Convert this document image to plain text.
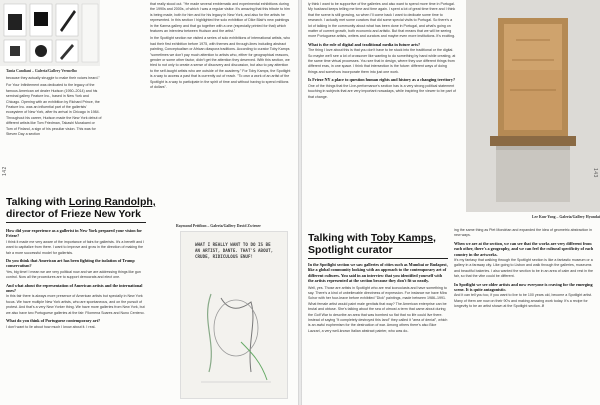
Tania Candiani – Galería/Gallery Vermelho

because they actually struggle to make their voices heard."

For Your Infinitement was dedicated to the legacy of the famous American art dealer Hudson (1950–2014) and his seminal gallery Feature Inc., based in New York and Chicago. Opening with an exhibition by Richard Prince, the Feature Inc. was an influential part of the gallerists' ecosystem of New York, after its arrival in Chicago in 1984. Throughout his career, Hudson made the New York debut of different artists like Tom Friedman, Takashi Murakami or Tom of Finland, a sign of his peculiar vision. This was for Steven Day a section

that really stood out. "He made several emblematic and experimental exhibitions during the 1990s and 2000s, of which I was a regular visitor. It's amazing that this tribute to him is being made, both for him and for his legacy in New York, and also for the artists he represented. In this section I highlighted the solo exhibition of Dike Blair's new paintings in the Karma gallery and that go together with a one (especially printed for that) which features an interview between Hudson and the artist."

In the Spotlight section we visited a series of solo exhibitions of international artists, who had their first exhibition before 1975, with themes and through-lines including abstract painting, Conceptualism or African diaspora traditions. According to curator Toby Kamps "sometimes we don't pay much attention to artists who, either for geographical reasons, gender or some other factor, didn't get the attention they deserved. With this section, we tried to not only to create a sense of discovery and discussion, but also to pay attention to the self-taught artists who are outside of the academy." For Toby Kamps, the Spotlight is a way to access a past that is currently out of reach. "To own a work of an artist of the Spotlight is a way to participate in the spirit of time and without having to spend millions of dollars".

142
Talking with Loring Randolph,
director of Frieze New York
How did your experience as a gallerist in New York prepared your vision for Frieze?

I think it made me very aware of the importance of fairs for gallerists. It's a benefit and I want to capitalize from there. I want to improve and grow in the direction of making the fair a more successful model for gallerists.

Do you think that American art has been fighting the isolation of Trump conservatism?

Yes, big time! I mean we are very political now and we are addressing things like gun control. Now all the procedures are to support democrats and elect one.

And what about the representation of American artists and the international ones?

In this fair there is always more presence of American artists but specially in New York focus. We have multiple New York artists, who are spontaneous, and on the pursuit of protest. And that's a very New Yorker thing. We have more galleries from New York, but we also have two Portuguese galleries at the fair: Filomena Soares and Nuno Centeno.

What do you think of Portuguese contemporary art?

I don't want to lie about how much I know about it. I real-

Raymond Pettibon – Galería/Gallery David Zwirner
WHAT I REALLY WANT TO DO IS BE AN ARTIST, DANTE. THAT'S ABOUT, CRUDE, RIDICULOUS ENUF!

ly think I want to be supportive of the galleries and also want to spend more time in Portugal. My husband keeps telling me time and time again. I spent a lot of great time there and I think that the scene is still growing, so when I'll come back I want to dedicate some time to research. I actually met some curators that did some special visits to Portugal. So there's a lot of talking in the community about what has been done in Portugal, and what's going on matter of current growth, both economic and artistic. But that means that we will be seeing more Portuguese artists, writers and curators and maybe even more institutions. It's exciting.

What is the role of digital and traditional media in future arts?

The thing I love about this is that you don't have to be stuck into the traditional or the digital. So maybe we'll see a lot of crossover like wanting to do something by hand while creating, at the same time virtual processes. You see that in design, where they use different things from different eras, in one space. I think that intersection is the future: different ways of doing things and somehow incorporate them into just one work.

Is Frieze NY a place to question human rights and history as a changing territory?

One of the things that the Live-performance's section has is a very strong political statement touching in subjects that are very important nowadays, while inspiring the viewer to be part of that change.

Lee Kun-Yong – Galería/Gallery Hyundai
143
Talking with Toby Kamps,
Spotlight curator
In the Spotlight section we saw galleries of cities such as Mumbai or Budapest, like a global community looking with an approach to the contemporary art of different cultures. You said in an interview that you identified yourself with the artists represented at the section because they don't fit so neatly.

Well, yes. Those are artists in Spotlight who are real iconoclasts and have something to say. There's a kind of unbelievable directness of expression. For instance we have Mira Schor with her four-leave before exhibited "Dick" paintings, made between 1986–1991. What female artist would paint male genitals that way? The American enterprise can be brutal and obtuse. She's talking about the sea of utmost a term that came about during the Golf War to describe an area that was bombed so flat that no life could live there. Instead of saying "it completely destroyed this land" they called it "area of denial", which is an awful euphemism for the destruction of war. Among others there's also Bice Lazzari, a very well-known Italian abstract painter, who was do-

ing the same thing as Piet Mondrian and expanded the idea of geometric abstraction in new ways.

When we are at the section, we can see that the works are very different from each other, there's a geography, and we can feel the cultural specificity of each country in the artworks.

It's my fantasy that walking through the Spotlight section is like a fantastic museum or a gallery in a faraway city. Like going to Lisbon and walk through the galleries, museums and beautiful bakeries. I also wanted the section to be in an area of calm and rest in the fair, so that the vibe could be different.

In Spotlight we see older artists and now everyone is craving for the emerging scene. It is quite antagonistic.

And it can tell you too, if you want to live to be 100 years old, become a Spotlight artist. Many of them are now on their 90's and making amazing work today. It's a recipe for longevity to be an artist shown at the Spotlight section. //
